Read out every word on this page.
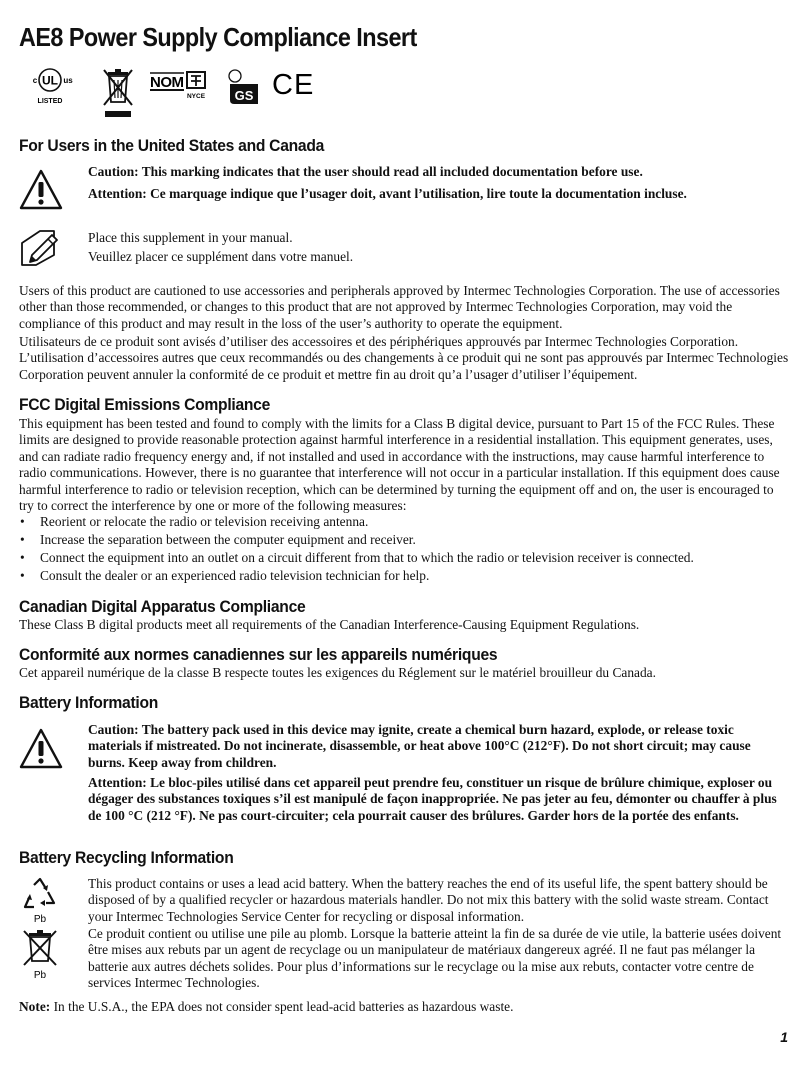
AE8 Power Supply Compliance Insert
UL
c	us
LISTED
NOM
NYCE GS CE
For Users in the United States and Canada

Caution: This marking indicates that the user should read all included documentation before use.

Attention: Ce marquage indique que l’usager doit, avant l’utilisation, lire toute la documentation incluse.

Place this supplement in your manual.

Veuillez placer ce supplément dans votre manuel.

Users of this product are cautioned to use accessories and peripherals approved by Intermec Technologies Corporation. The use of accessories other than those recommended, or changes to this product that are not approved by Intermec Technologies Corporation, may void the compliance of this product and may result in the loss of the user’s authority to operate the equipment.

Utilisateurs de ce produit sont avisés d’utiliser des accessoires et des périphériques approuvés par Intermec Technologies Corporation. L’utilisation d’accessoires autres que ceux recommandés ou des changements à ce produit qui ne sont pas approuvés par Intermec Technologies Corporation peuvent annuler la conformité de ce produit et mettre fin au droit qu’a l’usager d’utiliser l’équipement.

FCC Digital Emissions Compliance

This equipment has been tested and found to comply with the limits for a Class B digital device, pursuant to Part 15 of the FCC Rules. These limits are designed to provide reasonable protection against harmful interference in a residential installation. This equipment generates, uses, and can radiate radio frequency energy and, if not installed and used in accordance with the instructions, may cause harmful interference to radio communications. However, there is no guarantee that interference will not occur in a particular installation. If this equipment does cause harmful interference to radio or television reception, which can be determined by turning the equipment off and on, the user is encouraged to try to correct the interference by one or more of the following measures:

• Reorient or relocate the radio or television receiving antenna.
• Increase the separation between the computer equipment and receiver.
• Connect the equipment into an outlet on a circuit different from that to which the radio or television receiver is connected.
• Consult the dealer or an experienced radio television technician for help.
Canadian Digital Apparatus Compliance

These Class B digital products meet all requirements of the Canadian Interference-Causing Equipment Regulations.

Conformité aux normes canadiennes sur les appareils numériques

Cet appareil numérique de la classe B respecte toutes les exigences du Réglement sur le matériel brouilleur du Canada.

Battery Information

Caution: The battery pack used in this device may ignite, create a chemical burn hazard, explode, or release toxic materials if mistreated. Do not incinerate, disassemble, or heat above 100°C (212°F). Do not short circuit; may cause burns. Keep away from children.

Attention: Le bloc-piles utilisé dans cet appareil peut prendre feu, constituer un risque de brûlure chimique, exploser ou dégager des substances toxiques s’il est manipulé de façon inappropriée. Ne pas jeter au feu, démonter ou chauffer à plus de 100 °C (212 °F). Ne pas court-circuiter; cela pourrait causer des brûlures. Garder hors de la portée des enfants.

Battery Recycling Information
Pb
Pb

This product contains or uses a lead acid battery. When the battery reaches the end of its useful life, the spent battery should be disposed of by a qualified recycler or hazardous materials handler. Do not mix this battery with the solid waste stream. Contact your Intermec Technologies Service Center for recycling or disposal information.

Ce produit contient ou utilise une pile au plomb. Lorsque la batterie atteint la fin de sa durée de vie utile, la batterie usées doivent être mises aux rebuts par un agent de recyclage ou un manipulateur de matériaux dangereux agréé. Il ne faut pas mélanger la batterie aux autres déchets solides. Pour plus d’informations sur le recyclage ou la mise aux rebuts, contacter votre centre de services Intermec Technologies.

Note: In the U.S.A., the EPA does not consider spent lead-acid batteries as hazardous waste.

1
